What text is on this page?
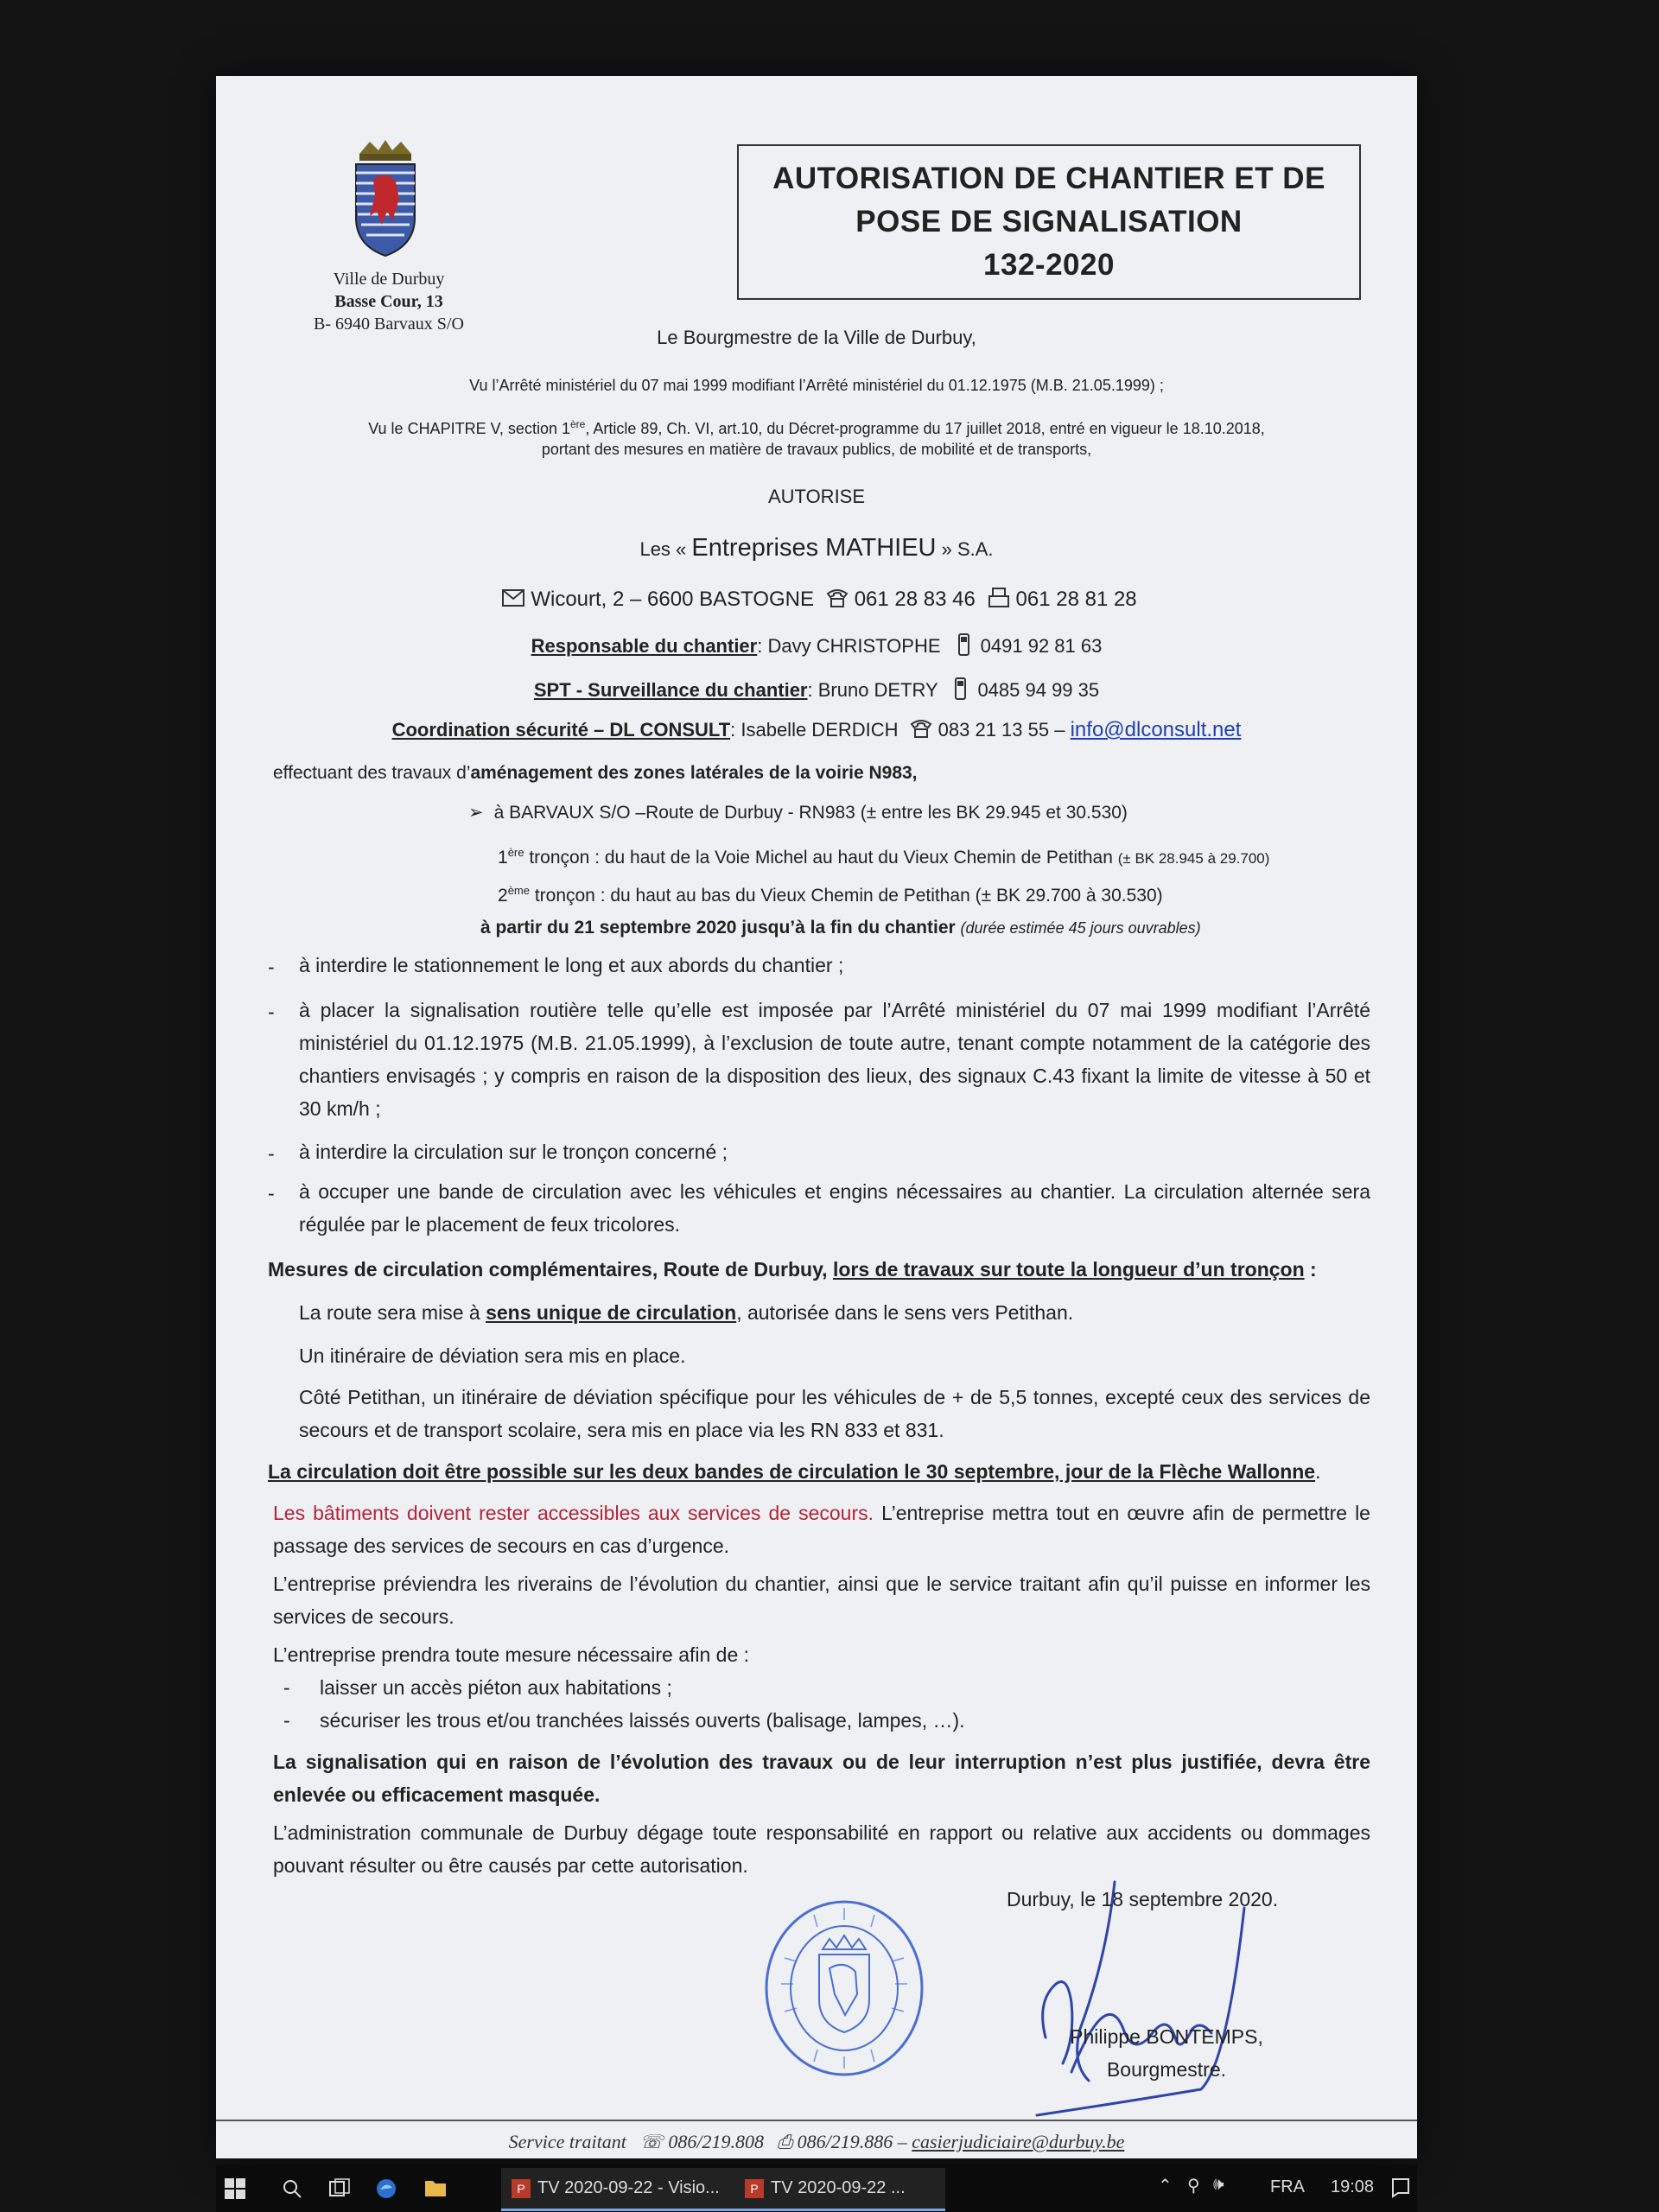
Ville de Durbuy
Basse Cour, 13
B- 6940 Barvaux S/O
AUTORISATION DE CHANTIER ET DE
POSE DE SIGNALISATION
132-2020
Le Bourgmestre de la Ville de Durbuy,
Vu l’Arrêté ministériel du 07 mai 1999 modifiant l’Arrêté ministériel du 01.12.1975 (M.B. 21.05.1999) ;
Vu le CHAPITRE V, section 1ère, Article 89, Ch. VI, art.10, du Décret-programme du 17 juillet 2018, entré en vigueur le 18.10.2018,
portant des mesures en matière de travaux publics, de mobilité et de transports,
AUTORISE
Les « Entreprises MATHIEU » S.A.
Wicourt, 2 – 6600 BASTOGNE 061 28 83 46 061 28 81 28
Responsable du chantier: Davy CHRISTOPHE 0491 92 81 63
SPT - Surveillance du chantier: Bruno DETRY 0485 94 99 35
Coordination sécurité – DL CONSULT: Isabelle DERDICH 083 21 13 55 – info@dlconsult.net
effectuant des travaux d’aménagement des zones latérales de la voirie N983,
➢ à BARVAUX S/O –Route de Durbuy - RN983 (± entre les BK 29.945 et 30.530)
1ère tronçon : du haut de la Voie Michel au haut du Vieux Chemin de Petithan (± BK 28.945 à 29.700)
2ème tronçon : du haut au bas du Vieux Chemin de Petithan (± BK 29.700 à 30.530)
à partir du 21 septembre 2020 jusqu’à la fin du chantier (durée estimée 45 jours ouvrables)
- à interdire le stationnement le long et aux abords du chantier ;
- à placer la signalisation routière telle qu’elle est imposée par l’Arrêté ministériel du 07 mai 1999 modifiant l’Arrêté ministériel du 01.12.1975 (M.B. 21.05.1999), à l’exclusion de toute autre, tenant compte notamment de la catégorie des chantiers envisagés ; y compris en raison de la disposition des lieux, des signaux C.43 fixant la limite de vitesse à 50 et 30 km/h ;
- à interdire la circulation sur le tronçon concerné ;
- à occuper une bande de circulation avec les véhicules et engins nécessaires au chantier. La circulation alternée sera régulée par le placement de feux tricolores.
Mesures de circulation complémentaires, Route de Durbuy, lors de travaux sur toute la longueur d’un tronçon :
La route sera mise à sens unique de circulation, autorisée dans le sens vers Petithan.
Un itinéraire de déviation sera mis en place.
Côté Petithan, un itinéraire de déviation spécifique pour les véhicules de + de 5,5 tonnes, excepté ceux des services de secours et de transport scolaire, sera mis en place via les RN 833 et 831.
La circulation doit être possible sur les deux bandes de circulation le 30 septembre, jour de la Flèche Wallonne.
Les bâtiments doivent rester accessibles aux services de secours. L’entreprise mettra tout en œuvre afin de permettre le passage des services de secours en cas d’urgence.
L’entreprise préviendra les riverains de l’évolution du chantier, ainsi que le service traitant afin qu’il puisse en informer les services de secours.
L’entreprise prendra toute mesure nécessaire afin de :
- laisser un accès piéton aux habitations ;
- sécuriser les trous et/ou tranchées laissés ouverts (balisage, lampes, …).
La signalisation qui en raison de l’évolution des travaux ou de leur interruption n’est plus justifiée, devra être enlevée ou efficacement masquée.
L’administration communale de Durbuy dégage toute responsabilité en rapport ou relative aux accidents ou dommages pouvant résulter ou être causés par cette autorisation.
Durbuy, le 18 septembre 2020.
Philippe BONTEMPS,
Bourgmestre.
Service traitant ☏ 086/219.808 ⎙ 086/219.886 – casierjudiciaire@durbuy.be
P TV 2020-09-22 - Visio...	P TV 2020-09-22 ...	⌃ ⚲ 🕪	FRA 19:08
